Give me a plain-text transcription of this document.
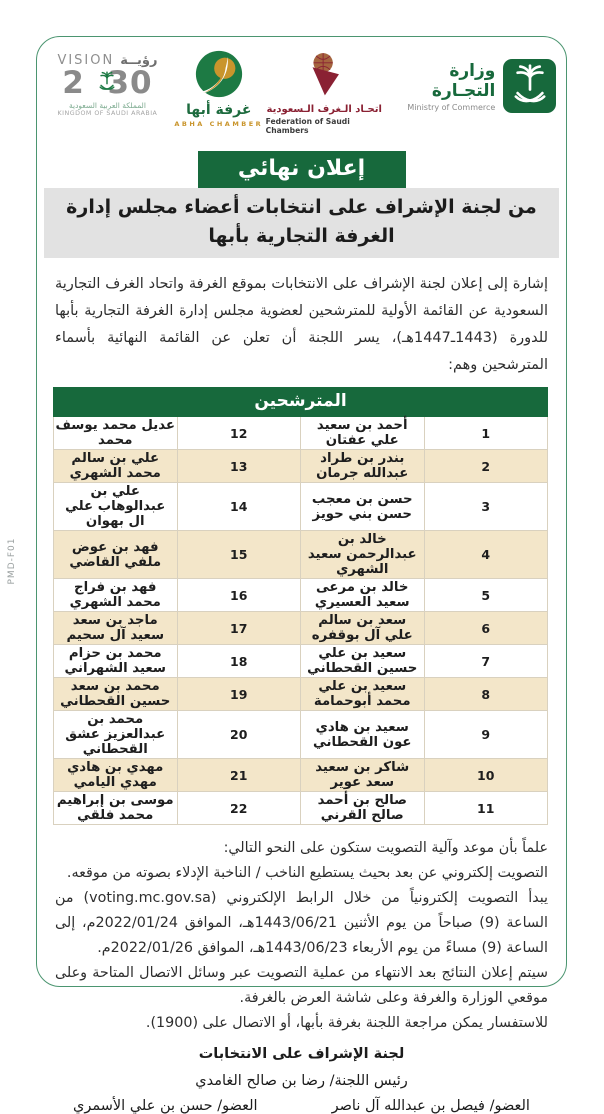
PMD-F01
VISION رؤيــة
2 30
المملكة العربية السعودية
KINGDOM OF SAUDI ARABIA غرفة أبها
ABHA CHAMBER
اتحـاد الـغرف الـسعودية
Federation of Saudi Chambers
وزارة التجـارة
Ministry of Commerce
إعلان نهائي
من لجنة الإشراف على انتخابات أعضاء مجلس إدارة الغرفة التجارية بأبها

إشارة إلى إعلان لجنة الإشراف على الانتخابات بموقع الغرفة واتحاد الغرف التجارية السعودية عن القائمة الأولية للمترشحين لعضوية مجلس إدارة الغرفة التجارية بأبها للدورة (1443ـ1447هـ)، يسر اللجنة أن تعلن عن القائمة النهائية بأسماء المترشحين وهم:

المترشحين			
1	أحمد بن سعيد علي عفتان	12	عديل محمد يوسف محمد
2	بندر بن طراد عبدالله جرمان	13	علي بن سالم محمد الشهري
3	حسن بن معجب حسن بني حويز	14	علي بن عبدالوهاب علي ال بهوان
4	خالد بن عبدالرحمن سعيد الشهري	15	فهد بن عوض ملفي القاضي
5	خالد بن مرعى سعيد العسيري	16	فهد بن فراج محمد الشهري
6	سعد بن سالم علي آل بوقفره	17	ماجد بن سعد سعيد آل سحيم
7	سعيد بن علي حسين القحطاني	18	محمد بن حزام سعيد الشهراني
8	سعيد بن علي محمد أبوحمامة	19	محمد بن سعد حسين القحطاني
9	سعيد بن هادي عون القحطاني	20	محمد بن عبدالعزيز عشق القحطاني
10	شاكر بن سعيد سعد عوير	21	مهدي بن هادي مهدي اليامي
11	صالح بن أحمد صالح القرني	22	موسى بن إبراهيم محمد فلقي

علماً بأن موعد وآلية التصويت ستكون على النحو التالي:

التصويت إلكتروني عن بعد بحيث يستطيع الناخب / الناخبة الإدلاء بصوته من موقعه.

يبدأ التصويت إلكترونياً من خلال الرابط الإلكتروني (voting.mc.gov.sa) من الساعة (9) صباحاً من يوم الأثنين 1443/06/21هـ، الموافق 2022/01/24م، إلى الساعة (9) مساءً من يوم الأربعاء 1443/06/23هـ، الموافق 2022/01/26م.

سيتم إعلان النتائج بعد الانتهاء من عملية التصويت عبر وسائل الاتصال المتاحة وعلى موقعي الوزارة والغرفة وعلى شاشة العرض بالغرفة.

للاستفسار يمكن مراجعة اللجنة بغرفة بأبها، أو الاتصال على (1900).

لجنة الإشراف على الانتخابات
رئيس اللجنة/ رضا بن صالح الغامدي
العضو/ فيصل بن عبدالله آل ناصر
العضو/ حسن بن علي الأسمري
